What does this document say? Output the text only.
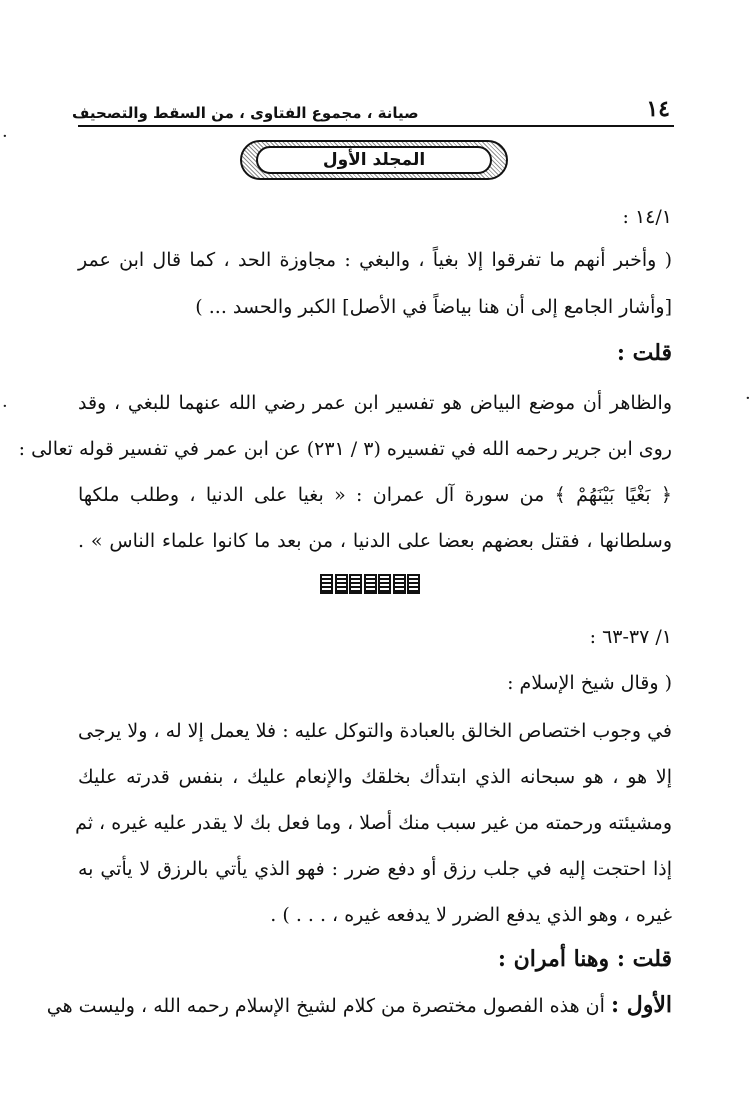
·
·	·
١٤
صيانة ، مجموع الفتاوى ، من السقط والتصحيف
المجلد الأول
١٤/١ :
( وأخبر أنهم ما تفرقوا إلا بغياً ، والبغي : مجاوزة الحد ، كما قال ابن عمر
[وأشار الجامع إلى أن هنا بياضاً في الأصل] الكبر والحسد ... )
قلت :
والظاهر أن موضع البياض هو تفسير ابن عمر رضي الله عنهما للبغي ، وقد
روى ابن جرير رحمه الله في تفسيره (٣ / ٢٣١) عن ابن عمر في تفسير قوله تعالى :
﴿ بَغْيًا بَيْنَهُمْ ﴾ من سورة آل عمران : « بغيا على الدنيا ، وطلب ملكها
وسلطانها ، فقتل بعضهم بعضا على الدنيا ، من بعد ما كانوا علماء الناس » .
١/ ٣٧-٦٣ :
( وقال شيخ الإسلام :
في وجوب اختصاص الخالق بالعبادة والتوكل عليه : فلا يعمل إلا له ، ولا يرجى
إلا هو ، هو سبحانه الذي ابتدأك بخلقك والإنعام عليك ، بنفس قدرته عليك
ومشيئته ورحمته من غير سبب منك أصلا ، وما فعل بك لا يقدر عليه غيره ، ثم
إذا احتجت إليه في جلب رزق أو دفع ضرر : فهو الذي يأتي بالرزق لا يأتي به
غيره ، وهو الذي يدفع الضرر لا يدفعه غيره ، . . . ) .
قلت : وهنا أمران :
الأول : أن هذه الفصول مختصرة من كلام لشيخ الإسلام رحمه الله ، وليست هي
